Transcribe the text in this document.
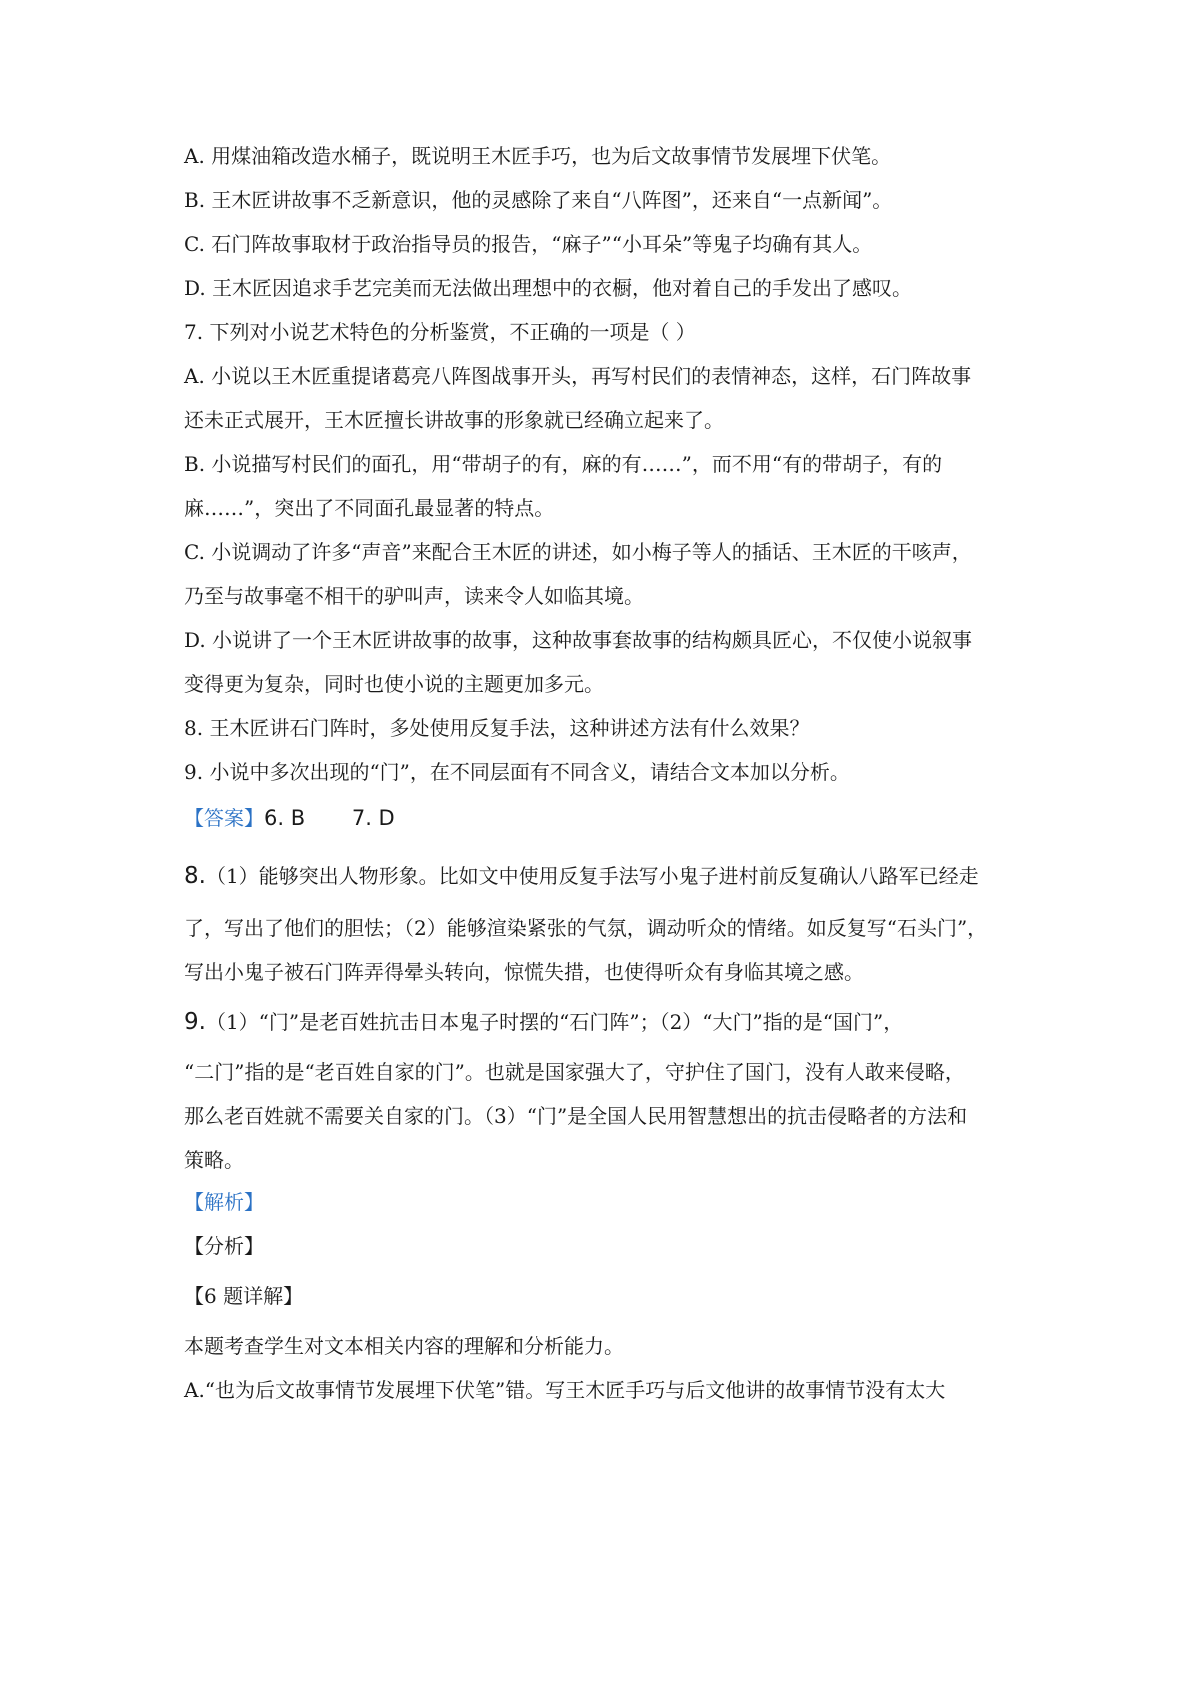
A. 用煤油箱改造水桶子，既说明王木匠手巧，也为后文故事情节发展埋下伏笔。
B. 王木匠讲故事不乏新意识，他的灵感除了来自“八阵图”，还来自“一点新闻”。
C. 石门阵故事取材于政治指导员的报告，“麻子”“小耳朵”等鬼子均确有其人。
D. 王木匠因追求手艺完美而无法做出理想中的衣橱，他对着自己的手发出了感叹。
7. 下列对小说艺术特色的分析鉴赏，不正确的一项是（ ）
A. 小说以王木匠重提诸葛亮八阵图战事开头，再写村民们的表情神态，这样，石门阵故事
还未正式展开，王木匠擅长讲故事的形象就已经确立起来了。
B. 小说描写村民们的面孔，用“带胡子的有，麻的有……”，而不用“有的带胡子，有的
麻……”，突出了不同面孔最显著的特点。
C. 小说调动了许多“声音”来配合王木匠的讲述，如小梅子等人的插话、王木匠的干咳声，
乃至与故事毫不相干的驴叫声，读来令人如临其境。
D. 小说讲了一个王木匠讲故事的故事，这种故事套故事的结构颇具匠心，不仅使小说叙事
变得更为复杂，同时也使小说的主题更加多元。
8. 王木匠讲石门阵时，多处使用反复手法，这种讲述方法有什么效果？
9. 小说中多次出现的“门”，在不同层面有不同含义，请结合文本加以分析。
【答案】6. B       7. D
8.（1）能够突出人物形象。比如文中使用反复手法写小鬼子进村前反复确认八路军已经走
了，写出了他们的胆怯；（2）能够渲染紧张的气氛，调动听众的情绪。如反复写“石头门”，
写出小鬼子被石门阵弄得晕头转向，惊慌失措，也使得听众有身临其境之感。
9.（1）“门”是老百姓抗击日本鬼子时摆的“石门阵”；（2）“大门”指的是“国门”，
“二门”指的是“老百姓自家的门”。也就是国家强大了，守护住了国门，没有人敢来侵略，
那么老百姓就不需要关自家的门。（3）“门”是全国人民用智慧想出的抗击侵略者的方法和
策略。
【解析】
【分析】
【6 题详解】
本题考查学生对文本相关内容的理解和分析能力。
A.“也为后文故事情节发展埋下伏笔”错。写王木匠手巧与后文他讲的故事情节没有太大
